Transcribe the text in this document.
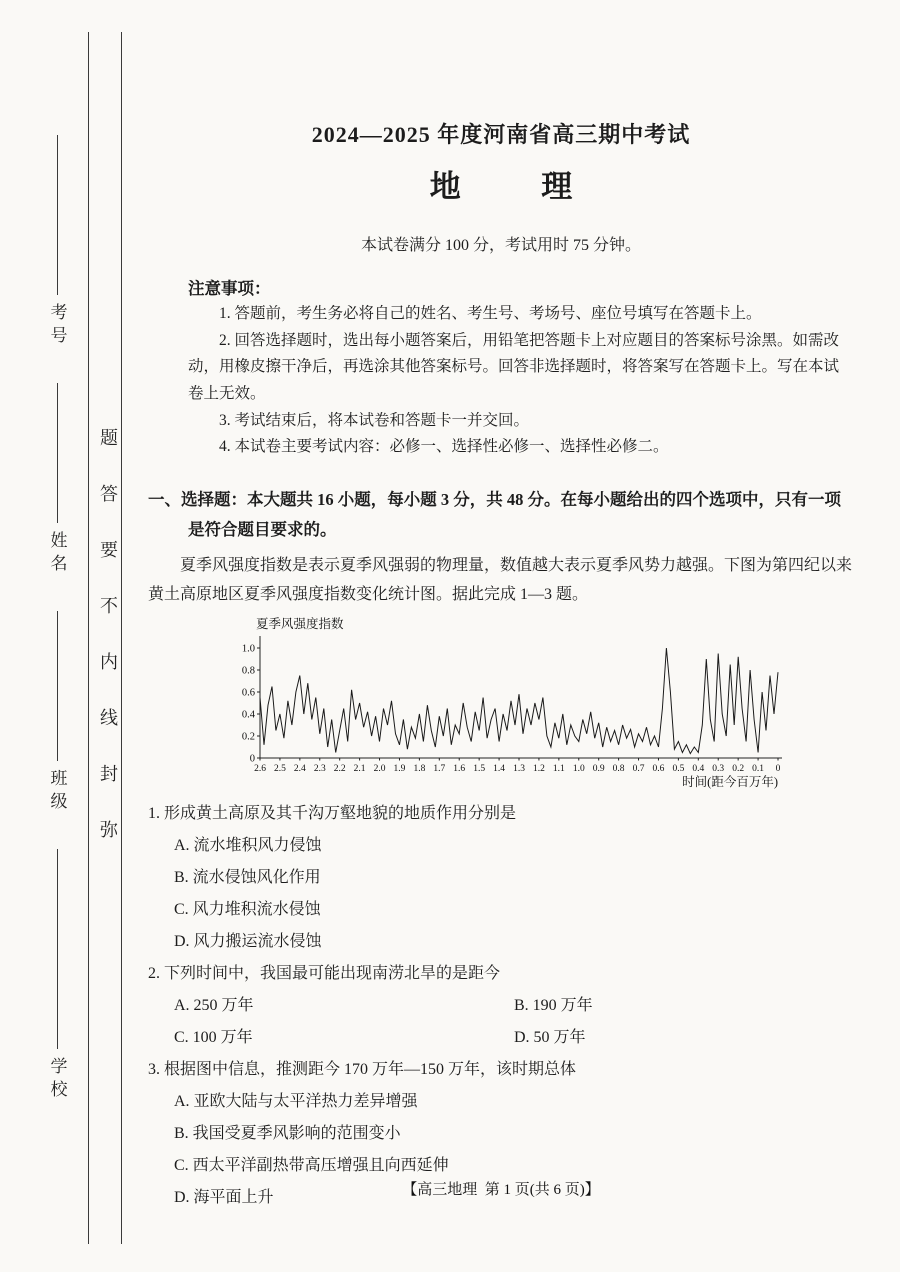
考号
姓名
班级
学校
题答要不内线封弥
2024—2025 年度河南省高三期中考试
地理
本试卷满分 100 分，考试用时 75 分钟。
注意事项：
1. 答题前，考生务必将自己的姓名、考生号、考场号、座位号填写在答题卡上。
2. 回答选择题时，选出每小题答案后，用铅笔把答题卡上对应题目的答案标号涂黑。如需改动，用橡皮擦干净后，再选涂其他答案标号。回答非选择题时，将答案写在答题卡上。写在本试卷上无效。
3. 考试结束后，将本试卷和答题卡一并交回。
4. 本试卷主要考试内容：必修一、选择性必修一、选择性必修二。
一、选择题：本大题共 16 小题，每小题 3 分，共 48 分。在每小题给出的四个选项中，只有一项是符合题目要求的。
夏季风强度指数是表示夏季风强弱的物理量，数值越大表示夏季风势力越强。下图为第四纪以来黄土高原地区夏季风强度指数变化统计图。据此完成 1—3 题。
夏季风强度指数
1.0
0.8
0.6
0.4
0.2
0
2.6 2.5 2.4 2.3 2.2 2.1 2.0 1.9 1.8 1.7 1.6 1.5 1.4 1.3 1.2 1.1 1.0 0.9 0.8 0.7 0.6 0.5 0.4 0.3 0.2 0.1 0
时间(距今百万年)
1. 形成黄土高原及其千沟万壑地貌的地质作用分别是
A. 流水堆积风力侵蚀
B. 流水侵蚀风化作用
C. 风力堆积流水侵蚀
D. 风力搬运流水侵蚀
2. 下列时间中，我国最可能出现南涝北旱的是距今
A. 250 万年	B. 190 万年
C. 100 万年	D. 50 万年
3. 根据图中信息，推测距今 170 万年—150 万年，该时期总体
A. 亚欧大陆与太平洋热力差异增强
B. 我国受夏季风影响的范围变小
C. 西太平洋副热带高压增强且向西延伸
D. 海平面上升	【高三地理  第 1 页(共 6 页)】
